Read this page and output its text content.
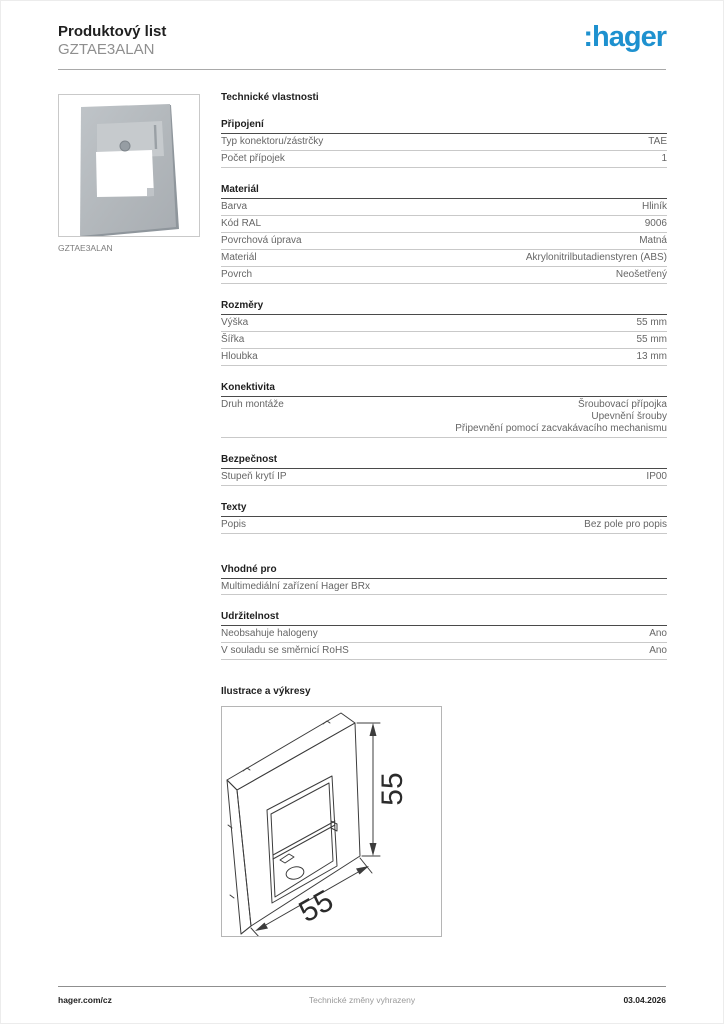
Produktový list
GZTAE3ALAN	:hager
GZTAE3ALAN
Technické vlastnosti
Připojení
Typ konektoru/zástrčky	TAE
Počet přípojek	1
Materiál
Barva	Hliník
Kód RAL	9006
Povrchová úprava	Matná
Materiál	Akrylonitrilbutadienstyren (ABS)
Povrch	Neošetřený
Rozměry
Výška	55 mm
Šířka	55 mm
Hloubka	13 mm
Konektivita
Druh montáže	Šroubovací přípojka
Upevnění šrouby
Připevnění pomocí zacvakávacího mechanismu
Bezpečnost
Stupeň krytí IP	IP00
Texty
Popis	Bez pole pro popis
Vhodné pro
Multimediální zařízení Hager BRx
Udržitelnost
Neobsahuje halogeny	Ano
V souladu se směrnicí RoHS	Ano
Ilustrace a výkresy
55
55
hager.com/cz	Technické změny vyhrazeny	03.04.2026
